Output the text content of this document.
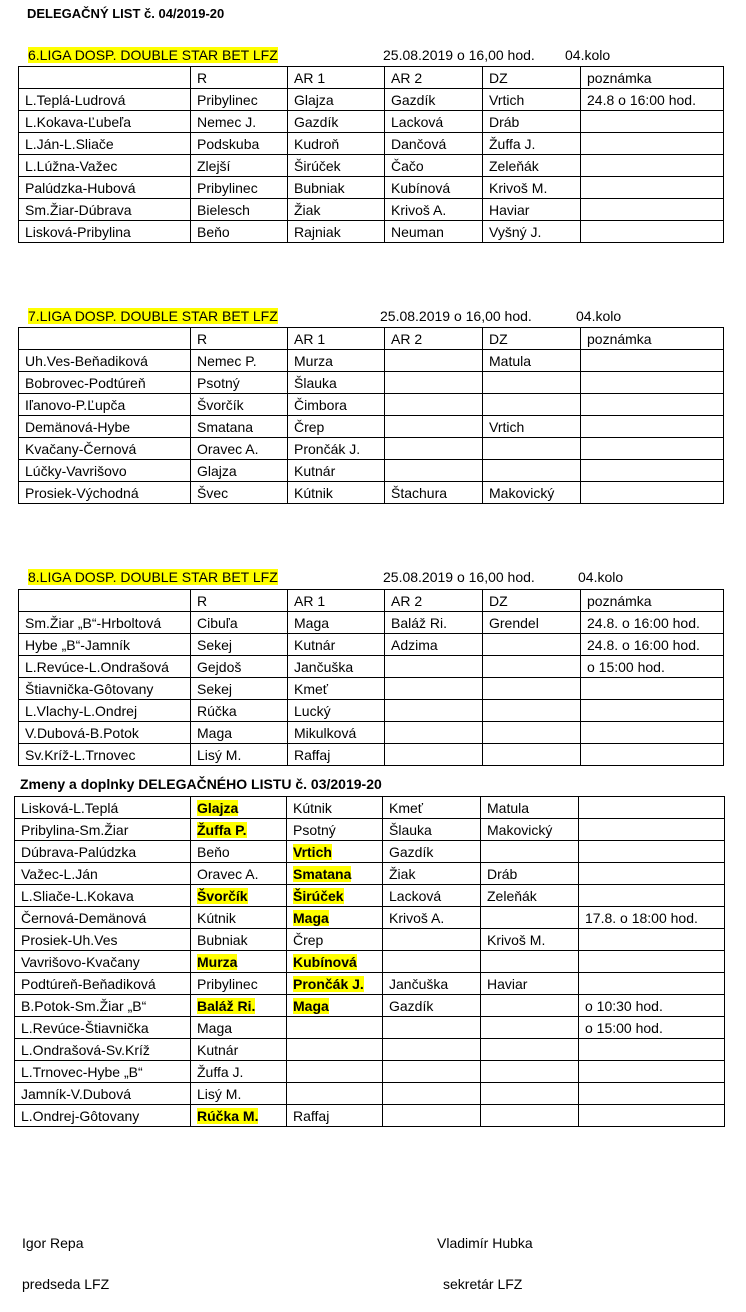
DELEGAČNÝ LIST č. 04/2019-20
6.LIGA DOSP. DOUBLE STAR BET LFZ	25.08.2019 o 16,00 hod. 04.kolo
	R	AR 1	AR 2	DZ	poznámka
L.Teplá-Ludrová	Pribylinec	Glajza	Gazdík	Vrtich	24.8 o 16:00 hod.
L.Kokava-Ľubeľa	Nemec J.	Gazdík	Lacková	Dráb	
L.Ján-L.Sliače	Podskuba	Kudroň	Dančová	Žuffa J.	
L.Lúžna-Važec	Zlejší	Širúček	Čačo	Zeleňák	
Palúdzka-Hubová	Pribylinec	Bubniak	Kubínová	Krivoš M.	
Sm.Žiar-Dúbrava	Bielesch	Žiak	Krivoš A.	Haviar	
Lisková-Pribylina	Beňo	Rajniak	Neuman	Vyšný J.	
7.LIGA DOSP. DOUBLE STAR BET LFZ	25.08.2019 o 16,00 hod.	04.kolo
	R	AR 1	AR 2	DZ	poznámka
Uh.Ves-Beňadiková	Nemec P.	Murza		Matula	
Bobrovec-Podtúreň	Psotný	Šlauka			
Iľanovo-P.Ľupča	Švorčík	Čimbora			
Demänová-Hybe	Smatana	Črep		Vrtich	
Kvačany-Černová	Oravec A.	Prončák J.			
Lúčky-Vavrišovo	Glajza	Kutnár			
Prosiek-Východná	Švec	Kútnik	Štachura	Makovický	
8.LIGA DOSP. DOUBLE STAR BET LFZ	25.08.2019 o 16,00 hod.	04.kolo
	R	AR 1	AR 2	DZ	poznámka
Sm.Žiar „B“-Hrboltová	Cibuľa	Maga	Baláž Ri.	Grendel	24.8. o 16:00 hod.
Hybe „B“-Jamník	Sekej	Kutnár	Adzima		24.8. o 16:00 hod.
L.Revúce-L.Ondrašová	Gejdoš	Jančuška			o 15:00 hod.
Štiavnička-Gôtovany	Sekej	Kmeť			
L.Vlachy-L.Ondrej	Rúčka	Lucký			
V.Dubová-B.Potok	Maga	Mikulková			
Sv.Kríž-L.Trnovec	Lisý M.	Raffaj			
Zmeny a doplnky DELEGAČNÉHO LISTU č. 03/2019-20
Lisková-L.Teplá	Glajza	Kútnik	Kmeť	Matula	
Pribylina-Sm.Žiar	Žuffa P.	Psotný	Šlauka	Makovický	
Dúbrava-Palúdzka	Beňo	Vrtich	Gazdík		
Važec-L.Ján	Oravec A.	Smatana	Žiak	Dráb	
L.Sliače-L.Kokava	Švorčík	Širúček	Lacková	Zeleňák	
Černová-Demänová	Kútnik	Maga	Krivoš A.		17.8. o 18:00 hod.
Prosiek-Uh.Ves	Bubniak	Črep		Krivoš M.	
Vavrišovo-Kvačany	Murza	Kubínová			
Podtúreň-Beňadiková	Pribylinec	Prončák J.	Jančuška	Haviar	
B.Potok-Sm.Žiar „B“	Baláž Ri.	Maga	Gazdík		o 10:30 hod.
L.Revúce-Štiavnička	Maga				o 15:00 hod.
L.Ondrašová-Sv.Kríž	Kutnár				
L.Trnovec-Hybe „B“	Žuffa J.				
Jamník-V.Dubová	Lisý M.				
L.Ondrej-Gôtovany	Rúčka M.	Raffaj			
Igor Repa
predseda LFZ
Vladimír Hubka
sekretár LFZ
